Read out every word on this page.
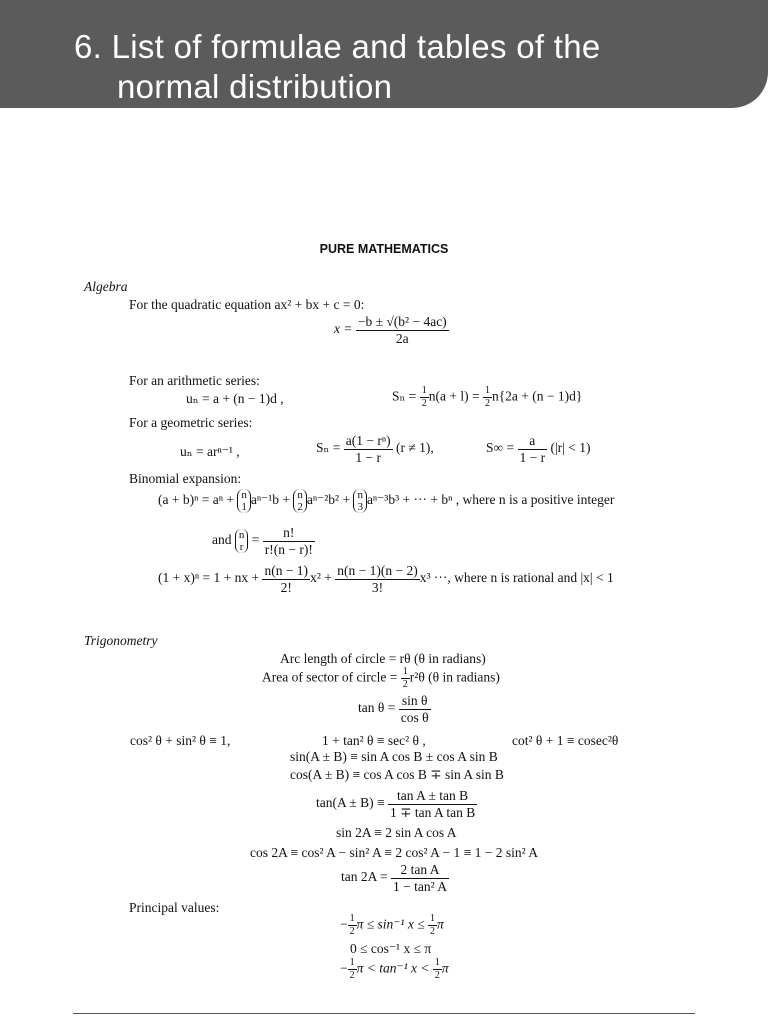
6. List of formulae and tables of the
normal distribution
PURE MATHEMATICS
Algebra
For the quadratic equation ax² + bx + c = 0:
$x = \frac{\text{−b ± √(b² − 4ac)}}{2a}$
For an arithmetic series:
uₙ = a + (n − 1)d ,	$S_n = \frac{1}{2} n(a + l) = \frac{1}{2} n\{2a + (n - 1)d\}$
For a geometric series:
uₙ = arⁿ⁻¹ ,	$S_n = \frac{\text{a(1 − rⁿ)}}{1 - r} (r \ne 1)$,	$S\infty = \frac{a}{1 - r} (|r| < 1)$
Binomial expansion:
(a + b)ⁿ = aⁿ + n
1 aⁿ⁻¹b + n
2 aⁿ⁻²b² + n
3 aⁿ⁻³b³ + ··· + bⁿ , where n is a positive integer
and n
$r = \frac{n!}{r!(n - r)!}$
(1 + x)ⁿ = 1 + nx + $\frac{n(n - 1)}{2!} x^2 + \frac{n(n - 1)(n - 2)}{3!} x^3$ ···, where n is rational and |x| < 1
Trigonometry
Arc length of circle = rθ (θ in radians)
Area of sector of circle = $\frac{1}{2} r^2\theta$ (θ in radians)
$\tan \theta = \frac{\text{sin θ}}{\text{cos θ}}$
cos² θ + sin² θ ≡ 1,	1 + tan² θ ≡ sec² θ ,	cot² θ + 1 ≡ cosec²θ
sin(A ± B) ≡ sin A cos B ± cos A sin B
cos(A ± B) ≡ cos A cos B ∓ sin A sin B
$\tan(A \pm B) \equiv \frac{\text{tan A ± tan B}}{\text{1 ∓ tan A tan B}}$
sin 2A ≡ 2 sin A cos A
cos 2A ≡ cos² A − sin² A ≡ 2 cos² A − 1 ≡ 1 − 2 sin² A
$\tan 2A = \frac{\text{2 tan A}}{\text{1 − tan² A}}$
Principal values:
− $\frac{1}{2}$ π ≤ sin⁻¹ $x \le \frac{1}{2}$ π
0 ≤ cos⁻¹ x ≤ π
− $\frac{1}{2}$ π < tan⁻¹ $x < \frac{1}{2}$ π
